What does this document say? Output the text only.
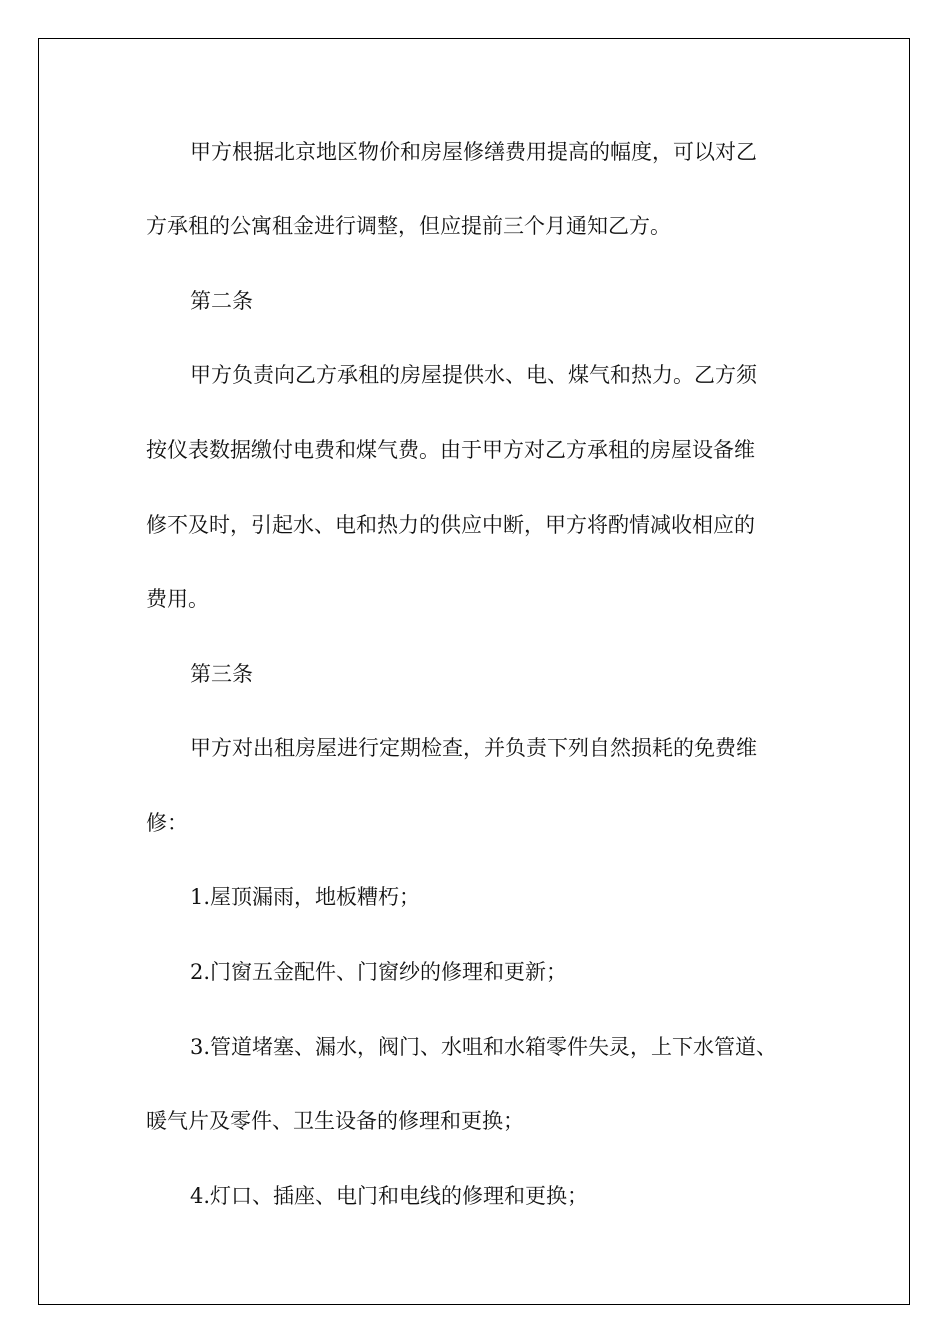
甲方根据北京地区物价和房屋修缮费用提高的幅度，可以对乙
方承租的公寓租金进行调整，但应提前三个月通知乙方。
第二条
甲方负责向乙方承租的房屋提供水、电、煤气和热力。乙方须
按仪表数据缴付电费和煤气费。由于甲方对乙方承租的房屋设备维
修不及时，引起水、电和热力的供应中断，甲方将酌情减收相应的
费用。
第三条
甲方对出租房屋进行定期检查，并负责下列自然损耗的免费维
修：
1.屋顶漏雨，地板糟朽；
2.门窗五金配件、门窗纱的修理和更新；
3.管道堵塞、漏水，阀门、水咀和水箱零件失灵，上下水管道、
暖气片及零件、卫生设备的修理和更换；
4.灯口、插座、电门和电线的修理和更换；
